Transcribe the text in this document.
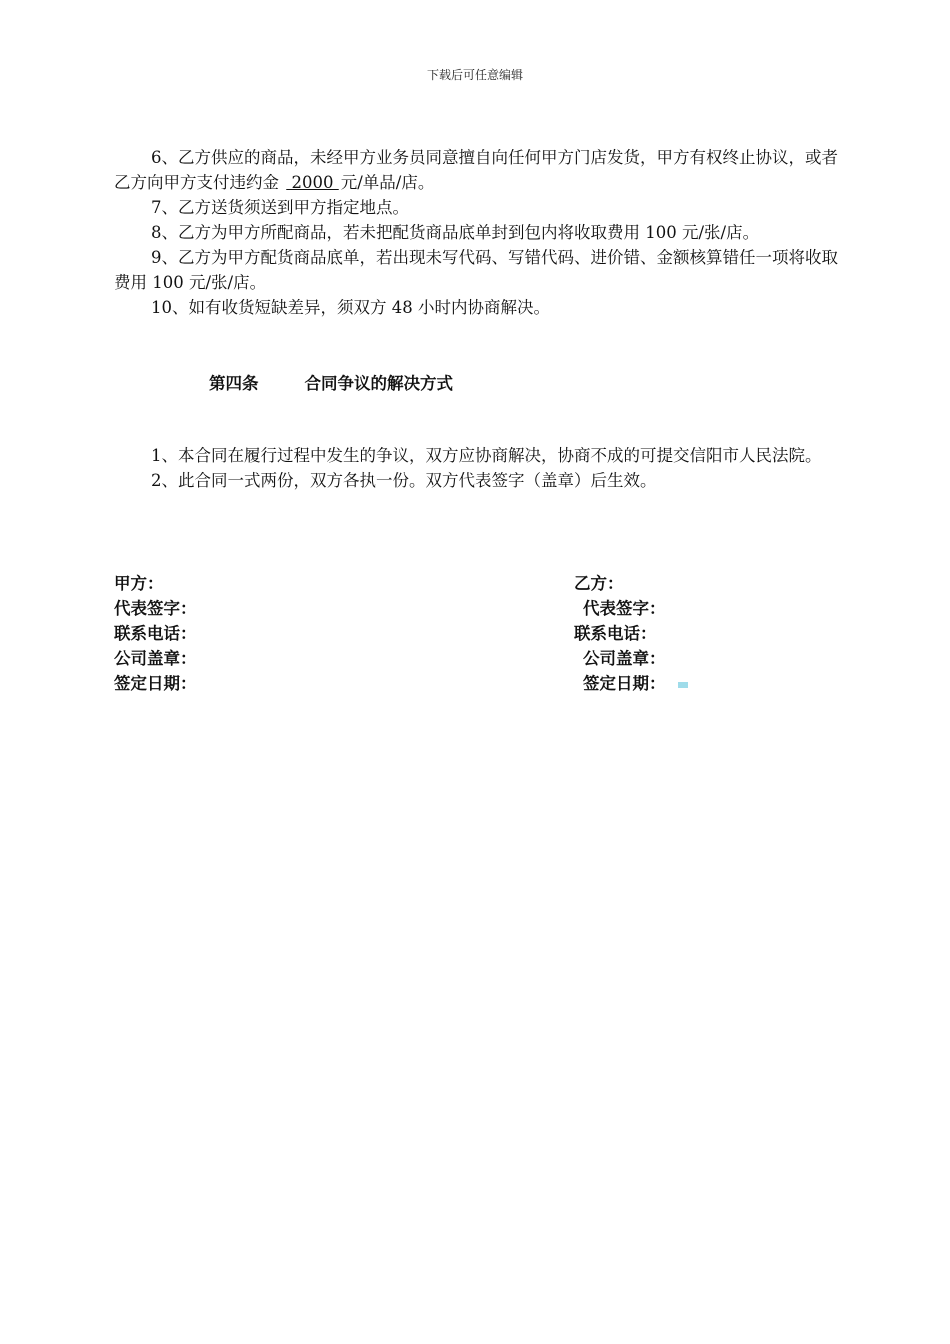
下载后可任意编辑

6、乙方供应的商品，未经甲方业务员同意擅自向任何甲方门店发货，甲方有权终止协议，或者乙方向甲方支付违约金 2000 元/单品/店。

7、乙方送货须送到甲方指定地点。

8、乙方为甲方所配商品，若未把配货商品底单封到包内将收取费用 100 元/张/店。

9、乙方为甲方配货商品底单，若出现未写代码、写错代码、进价错、金额核算错任一项将收取费用 100 元/张/店。

10、如有收货短缺差异，须双方 48 小时内协商解决。

第四条	合同争议的解决方式

1、本合同在履行过程中发生的争议，双方应协商解决，协商不成的可提交信阳市人民法院。

2、此合同一式两份，双方各执一份。双方代表签字（盖章）后生效。

甲方：
代表签字：
联系电话：
公司盖章：
签定日期：
乙方：
代表签字：
联系电话：
公司盖章：
签定日期：
